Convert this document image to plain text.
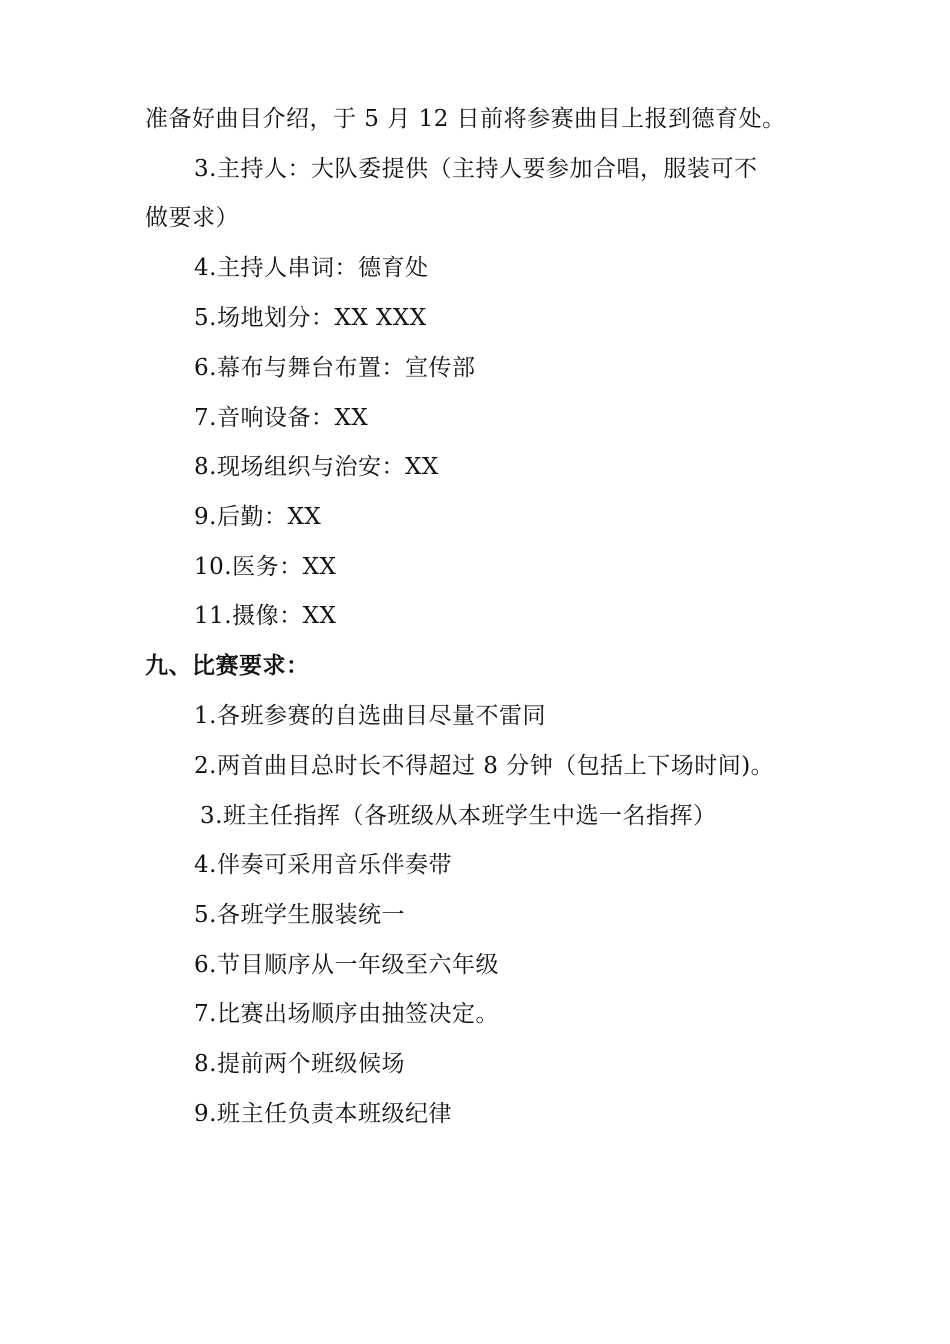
准备好曲目介绍，于 5 月 12 日前将参赛曲目上报到德育处。
3.主持人：大队委提供（主持人要参加合唱，服装可不
做要求）
4.主持人串词：德育处
5.场地划分：XX XXX
6.幕布与舞台布置：宣传部
7.音响设备：XX
8.现场组织与治安：XX
9.后勤：XX
10.医务：XX
11.摄像：XX
九、比赛要求：
1.各班参赛的自选曲目尽量不雷同
2.两首曲目总时长不得超过 8 分钟（包括上下场时间)。
3.班主任指挥（各班级从本班学生中选一名指挥）
4.伴奏可采用音乐伴奏带
5.各班学生服装统一
6.节目顺序从一年级至六年级
7.比赛出场顺序由抽签决定。
8.提前两个班级候场
9.班主任负责本班级纪律
